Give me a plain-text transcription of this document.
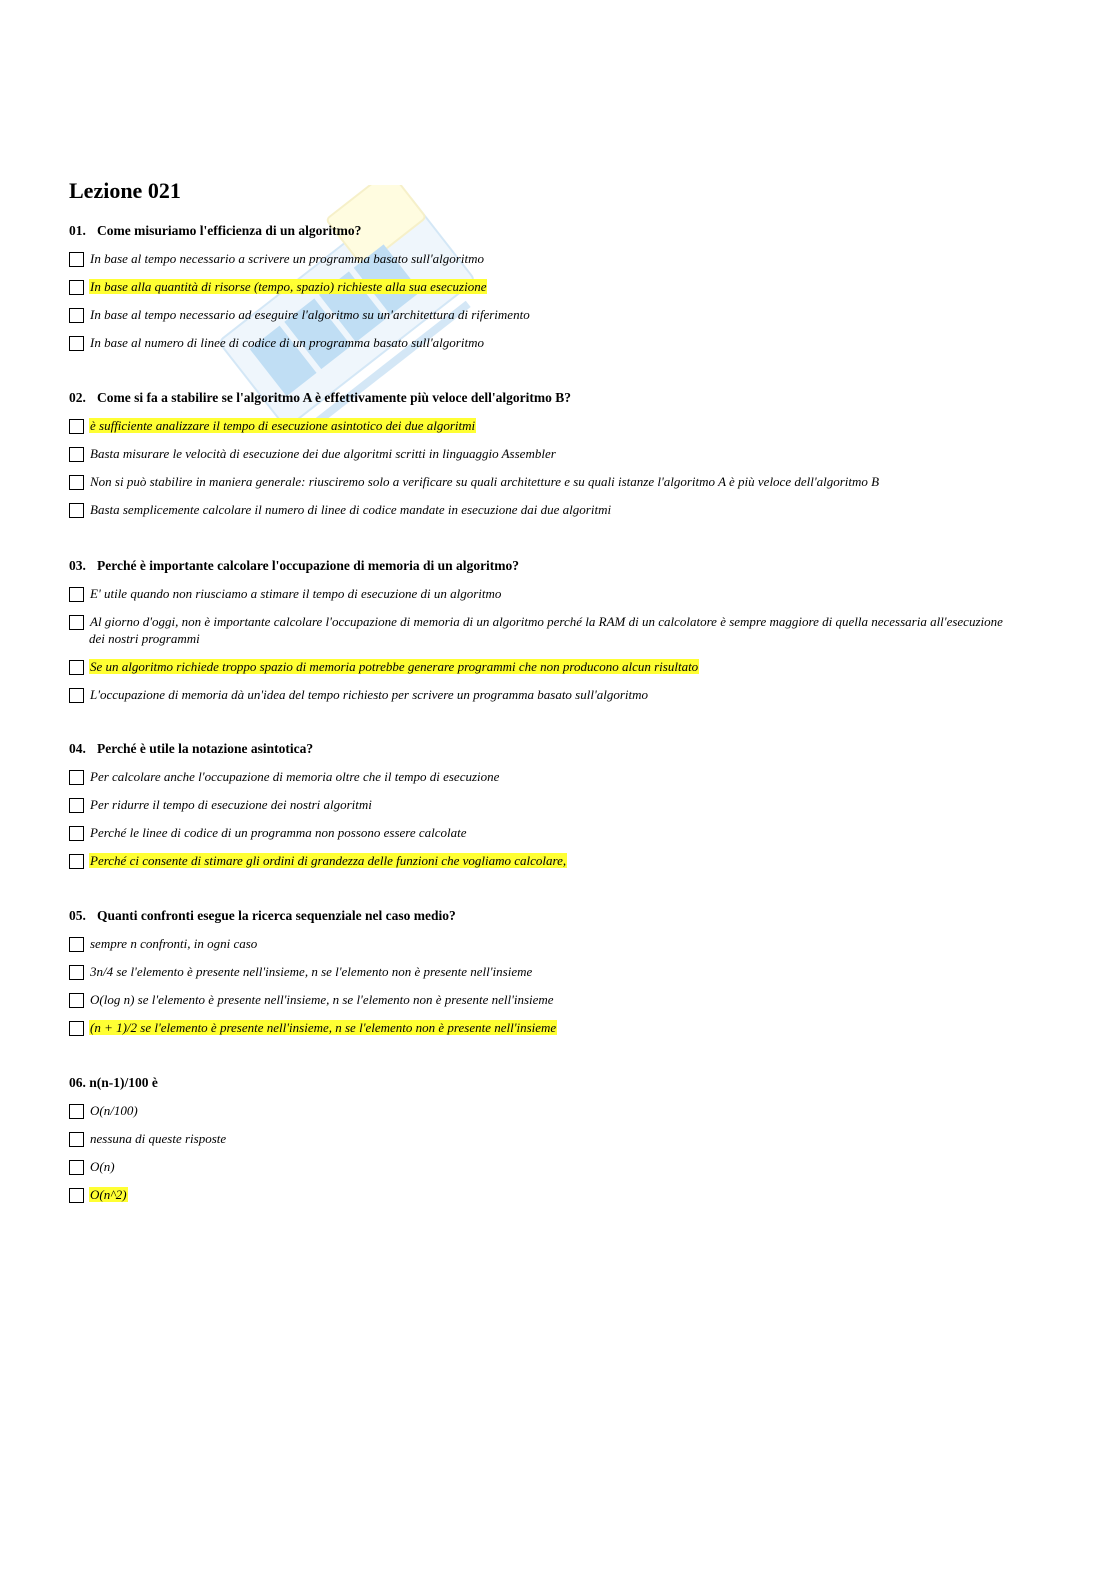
Lezione 021

01. Come misuriamo l'efficienza di un algoritmo?

In base al tempo necessario a scrivere un programma basato sull'algoritmo
In base alla quantità di risorse (tempo, spazio) richieste alla sua esecuzione
In base al tempo necessario ad eseguire l'algoritmo su un'architettura di riferimento
In base al numero di linee di codice di un programma basato sull'algoritmo

02. Come si fa a stabilire se l'algoritmo A è effettivamente più veloce dell'algoritmo B?

è sufficiente analizzare il tempo di esecuzione asintotico dei due algoritmi
Basta misurare le velocità di esecuzione dei due algoritmi scritti in linguaggio Assembler
Non si può stabilire in maniera generale: riusciremo solo a verificare su quali architetture e su quali istanze l'algoritmo A è più veloce dell'algoritmo B
Basta semplicemente calcolare il numero di linee di codice mandate in esecuzione dai due algoritmi

03. Perché è importante calcolare l'occupazione di memoria di un algoritmo?

E' utile quando non riusciamo a stimare il tempo di esecuzione di un algoritmo
Al giorno d'oggi, non è importante calcolare l'occupazione di memoria di un algoritmo perché la RAM di un calcolatore è sempre maggiore di quella necessaria all'esecuzione dei nostri programmi
Se un algoritmo richiede troppo spazio di memoria potrebbe generare programmi che non producono alcun risultato
L'occupazione di memoria dà un'idea del tempo richiesto per scrivere un programma basato sull'algoritmo

04. Perché è utile la notazione asintotica?

Per calcolare anche l'occupazione di memoria oltre che il tempo di esecuzione
Per ridurre il tempo di esecuzione dei nostri algoritmi
Perché le linee di codice di un programma non possono essere calcolate
Perché ci consente di stimare gli ordini di grandezza delle funzioni che vogliamo calcolare,

05. Quanti confronti esegue la ricerca sequenziale nel caso medio?

sempre n confronti, in ogni caso
3n/4 se l'elemento è presente nell'insieme, n se l'elemento non è presente nell'insieme
O(log n) se l'elemento è presente nell'insieme, n se l'elemento non è presente nell'insieme
(n + 1)/2 se l'elemento è presente nell'insieme, n se l'elemento non è presente nell'insieme

06. n(n-1)/100 è

O(n/100)
nessuna di queste risposte
O(n)
O(n^2)
